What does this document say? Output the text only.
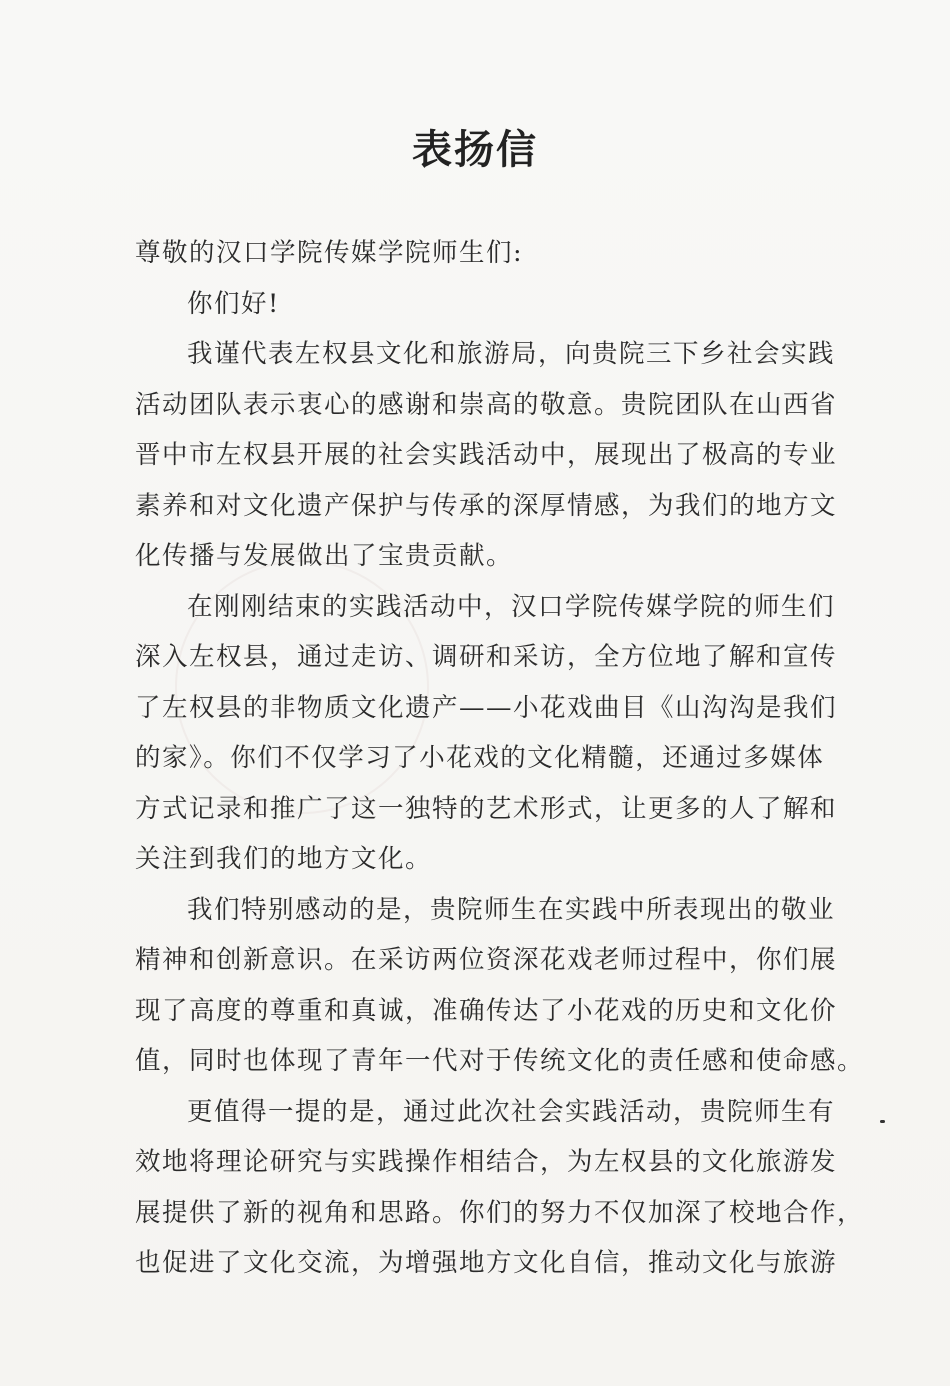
表扬信
尊敬的汉口学院传媒学院师生们:
你们好!
我谨代表左权县文化和旅游局，向贵院三下乡社会实践
活动团队表示衷心的感谢和崇高的敬意。贵院团队在山西省
晋中市左权县开展的社会实践活动中，展现出了极高的专业
素养和对文化遗产保护与传承的深厚情感，为我们的地方文
化传播与发展做出了宝贵贡献。
在刚刚结束的实践活动中，汉口学院传媒学院的师生们
深入左权县，通过走访、调研和采访，全方位地了解和宣传
了左权县的非物质文化遗产——小花戏曲目《山沟沟是我们
的家》。你们不仅学习了小花戏的文化精髓，还通过多媒体
方式记录和推广了这一独特的艺术形式，让更多的人了解和
关注到我们的地方文化。
我们特别感动的是，贵院师生在实践中所表现出的敬业
精神和创新意识。在采访两位资深花戏老师过程中，你们展
现了高度的尊重和真诚，准确传达了小花戏的历史和文化价
值，同时也体现了青年一代对于传统文化的责任感和使命感。
更值得一提的是，通过此次社会实践活动，贵院师生有
效地将理论研究与实践操作相结合，为左权县的文化旅游发
展提供了新的视角和思路。你们的努力不仅加深了校地合作，
也促进了文化交流，为增强地方文化自信，推动文化与旅游
